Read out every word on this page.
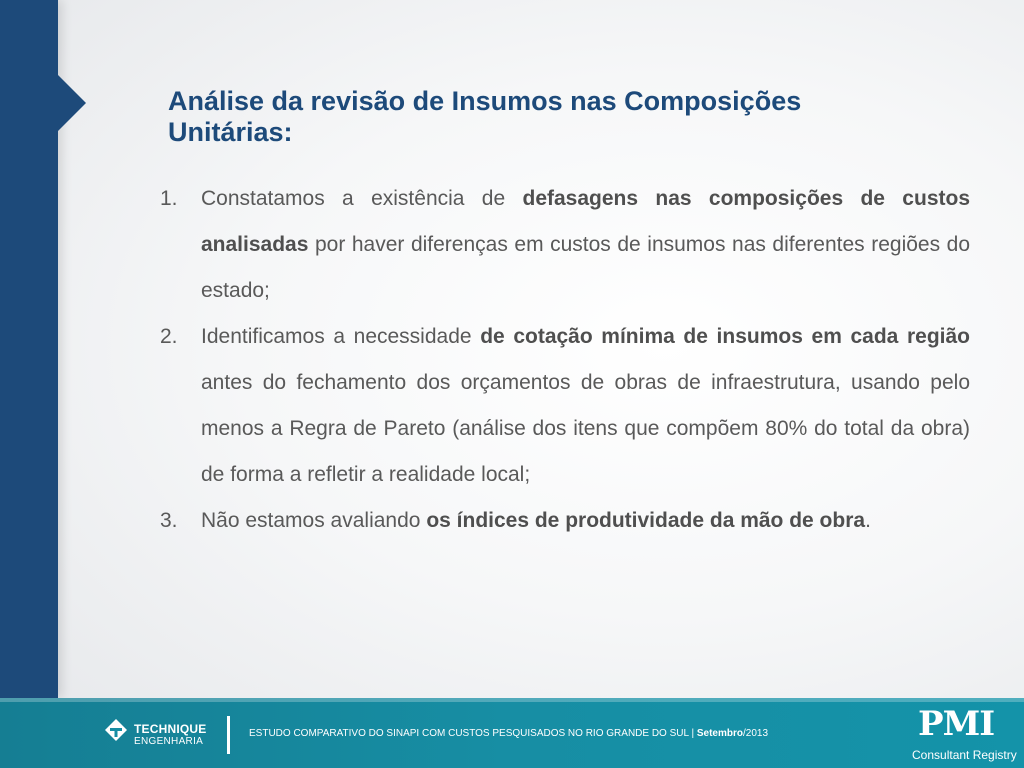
Análise da revisão de Insumos nas Composições Unitárias:
1.	Constatamos a existência de defasagens nas composições de custos analisadas por haver diferenças em custos de insumos nas diferentes regiões do estado;
2.	Identificamos a necessidade de cotação mínima de insumos em cada região antes do fechamento dos orçamentos de obras de infraestrutura, usando pelo menos a Regra de Pareto (análise dos itens que compõem 80% do total da obra) de forma a refletir a realidade local;
3.	Não estamos avaliando os índices de produtividade da mão de obra.
TECHNIQUE
ENGENHARIA
ESTUDO COMPARATIVO DO SINAPI COM CUSTOS PESQUISADOS NO RIO GRANDE DO SUL | Setembro/2013	PMI
Consultant Registry
